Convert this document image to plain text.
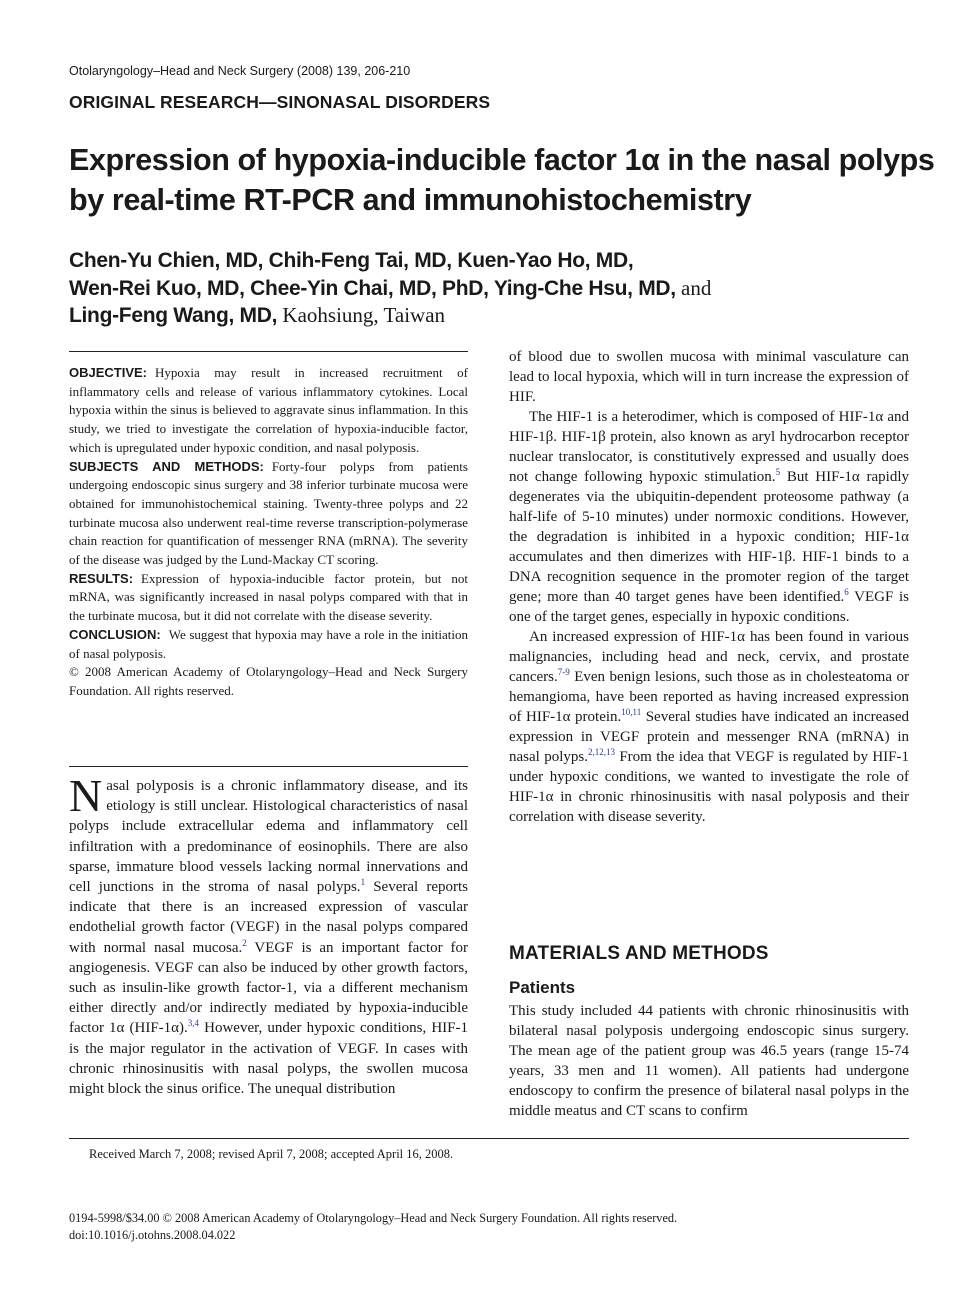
Otolaryngology–Head and Neck Surgery (2008) 139, 206-210
ORIGINAL RESEARCH—SINONASAL DISORDERS
Expression of hypoxia-inducible factor 1α in the nasal polyps by real-time RT-PCR and immunohistochemistry
Chen-Yu Chien, MD, Chih-Feng Tai, MD, Kuen-Yao Ho, MD,
Wen-Rei Kuo, MD, Chee-Yin Chai, MD, PhD, Ying-Che Hsu, MD, and
Ling-Feng Wang, MD, Kaohsiung, Taiwan

OBJECTIVE: Hypoxia may result in increased recruitment of inflammatory cells and release of various inflammatory cytokines. Local hypoxia within the sinus is believed to aggravate sinus inflammation. In this study, we tried to investigate the correlation of hypoxia-inducible factor, which is upregulated under hypoxic condition, and nasal polyposis.

SUBJECTS AND METHODS: Forty-four polyps from patients undergoing endoscopic sinus surgery and 38 inferior turbinate mucosa were obtained for immunohistochemical staining. Twenty-three polyps and 22 turbinate mucosa also underwent real-time reverse transcription-polymerase chain reaction for quantification of messenger RNA (mRNA). The severity of the disease was judged by the Lund-Mackay CT scoring.

RESULTS: Expression of hypoxia-inducible factor protein, but not mRNA, was significantly increased in nasal polyps compared with that in the turbinate mucosa, but it did not correlate with the disease severity.

CONCLUSION: We suggest that hypoxia may have a role in the initiation of nasal polyposis.

© 2008 American Academy of Otolaryngology–Head and Neck Surgery Foundation. All rights reserved.

Nasal polyposis is a chronic inflammatory disease, and its etiology is still unclear. Histological characteristics of nasal polyps include extracellular edema and inflammatory cell infiltration with a predominance of eosinophils. There are also sparse, immature blood vessels lacking normal innervations and cell junctions in the stroma of nasal polyps.$^1$ Several reports indicate that there is an increased expression of vascular endothelial growth factor (VEGF) in the nasal polyps compared with normal nasal mucosa.$^2$ VEGF is an important factor for angiogenesis. VEGF can also be induced by other growth factors, such as insulin-like growth factor-1, via a different mechanism either directly and/or indirectly mediated by hypoxia-inducible factor 1α (HIF-1α).$^{3,4}$ However, under hypoxic conditions, HIF-1 is the major regulator in the activation of VEGF. In cases with chronic rhinosinusitis with nasal polyps, the swollen mucosa might block the sinus orifice. The unequal distribution

of blood due to swollen mucosa with minimal vasculature can lead to local hypoxia, which will in turn increase the expression of HIF.

The HIF-1 is a heterodimer, which is composed of HIF-1α and HIF-1β. HIF-1β protein, also known as aryl hydrocarbon receptor nuclear translocator, is constitutively expressed and usually does not change following hypoxic stimulation.$^5$ But HIF-1α rapidly degenerates via the ubiquitin-dependent proteosome pathway (a half-life of 5-10 minutes) under normoxic conditions. However, the degradation is inhibited in a hypoxic condition; HIF-1α accumulates and then dimerizes with HIF-1β. HIF-1 binds to a DNA recognition sequence in the promoter region of the target gene; more than 40 target genes have been identified.$^6$ VEGF is one of the target genes, especially in hypoxic conditions.

An increased expression of HIF-1α has been found in various malignancies, including head and neck, cervix, and prostate cancers.$^{7-9}$ Even benign lesions, such those as in cholesteatoma or hemangioma, have been reported as having increased expression of HIF-1α protein.$^{10,11}$ Several studies have indicated an increased expression in VEGF protein and messenger RNA (mRNA) in nasal polyps.$^{2,12,13}$ From the idea that VEGF is regulated by HIF-1 under hypoxic conditions, we wanted to investigate the role of HIF-1α in chronic rhinosinusitis with nasal polyposis and their correlation with disease severity.

MATERIALS AND METHODS
Patients

This study included 44 patients with chronic rhinosinusitis with bilateral nasal polyposis undergoing endoscopic sinus surgery. The mean age of the patient group was 46.5 years (range 15-74 years, 33 men and 11 women). All patients had undergone endoscopy to confirm the presence of bilateral nasal polyps in the middle meatus and CT scans to confirm

Received March 7, 2008; revised April 7, 2008; accepted April 16, 2008.
0194-5998/$34.00 © 2008 American Academy of Otolaryngology–Head and Neck Surgery Foundation. All rights reserved.
doi:10.1016/j.otohns.2008.04.022
